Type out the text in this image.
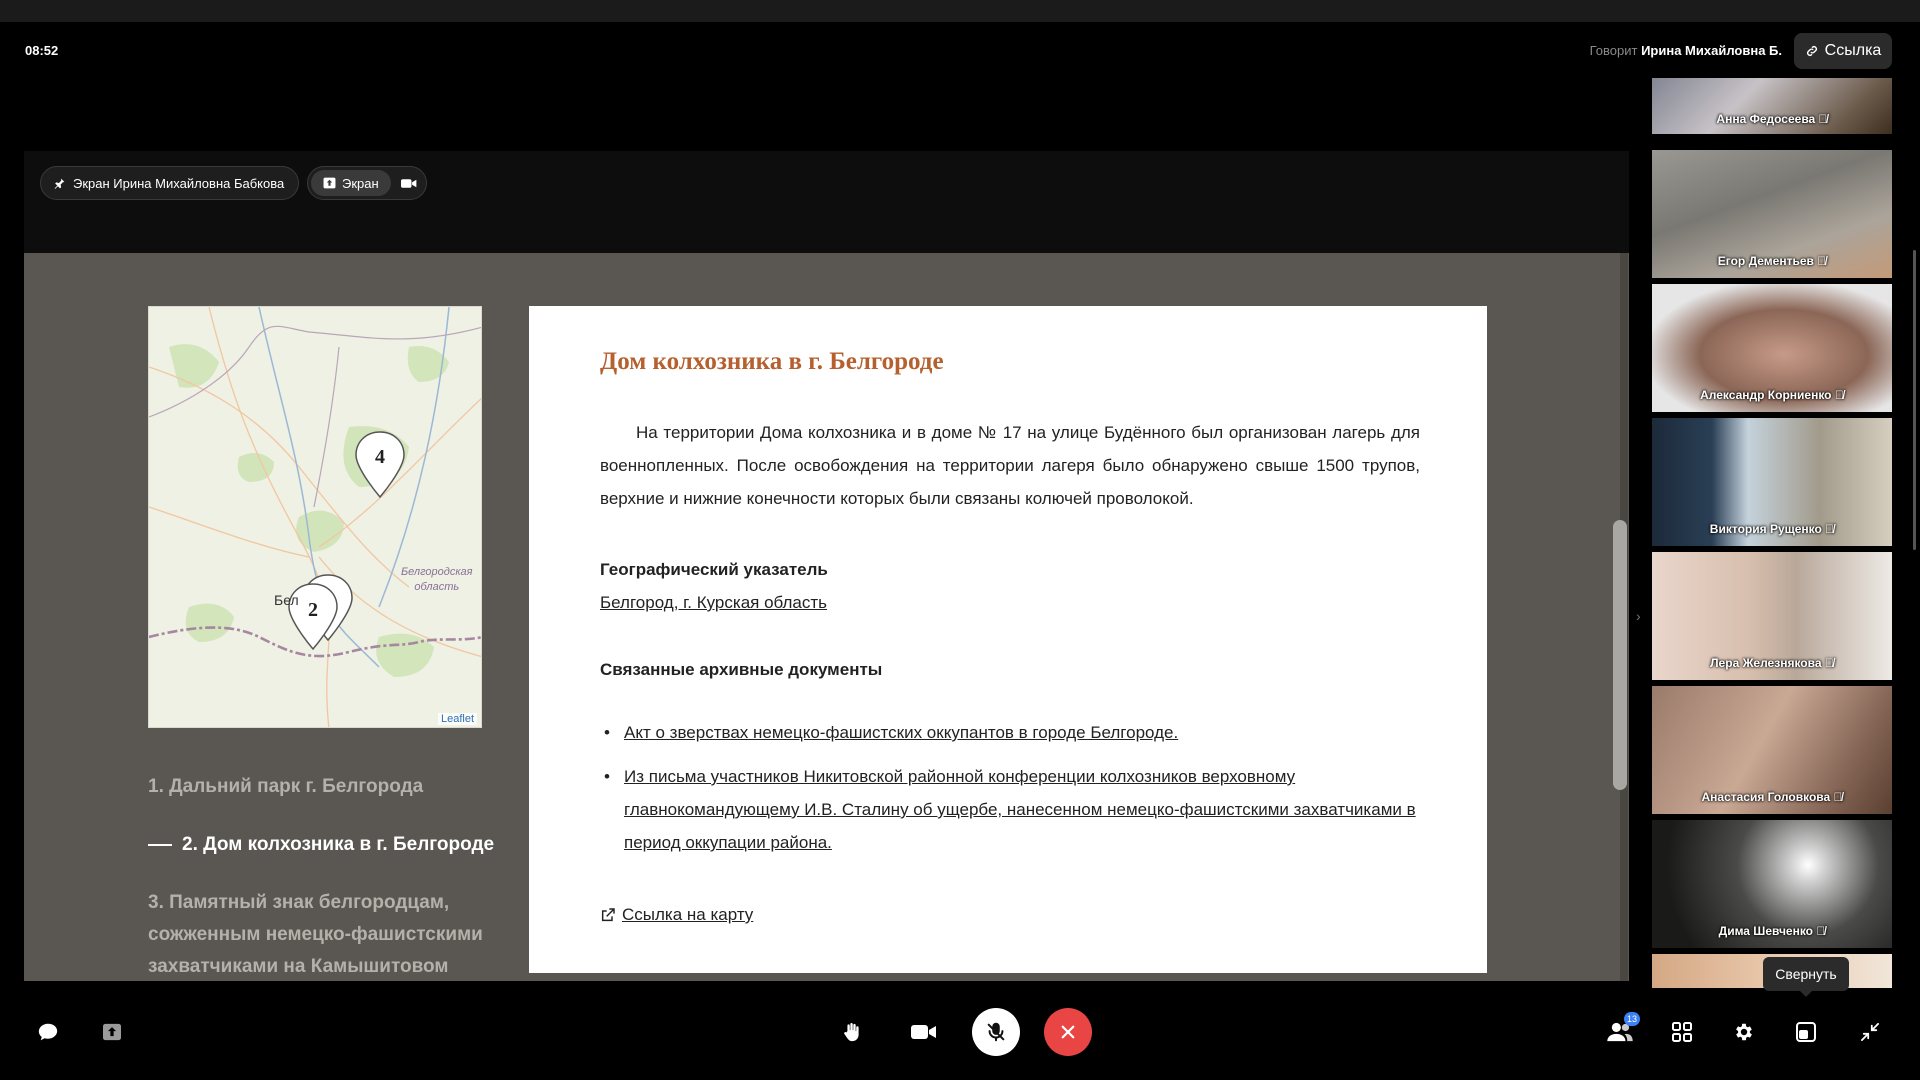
08:52	Говорит Ирина Михайловна Б.	Ссылка
Экран Ирина Михайловна Бабкова	Экран
4
2
Бел
Белгородская
область
Leaflet
1. Дальний парк г. Белгорода
2. Дом колхозника в г. Белгороде
3. Памятный знак белгородцам, сожженным немецко-фашистскими захватчиками на Камышитовом
Дом колхозника в г. Белгороде
На территории Дома колхозника и в доме № 17 на улице Будённого был организован лагерь для военнопленных. После освобождения на территории лагеря было обнаружено свыше 1500 трупов, верхние и нижние конечности которых были связаны колючей проволокой.
Географический указатель
Белгород, г. Курская область
Связанные архивные документы
• Акт о зверствах немецко-фашистских оккупантов в городе Белгороде.
• Из письма участников Никитовской районной конференции колхозников верховному главнокомандующему И.В. Сталину об ущербе, нанесенном немецко-фашистскими захватчиками в период оккупации района.
Ссылка на карту
›
Анна Федосеева 🎙̸
Егор Дементьев 🎙̸
Александр Корниенко 🎙̸
Виктория Рущенко 🎙̸
Лера Железнякова 🎙̸
Анастасия Головкова 🎙̸
Дима Шевченко 🎙̸
Свернуть
13
